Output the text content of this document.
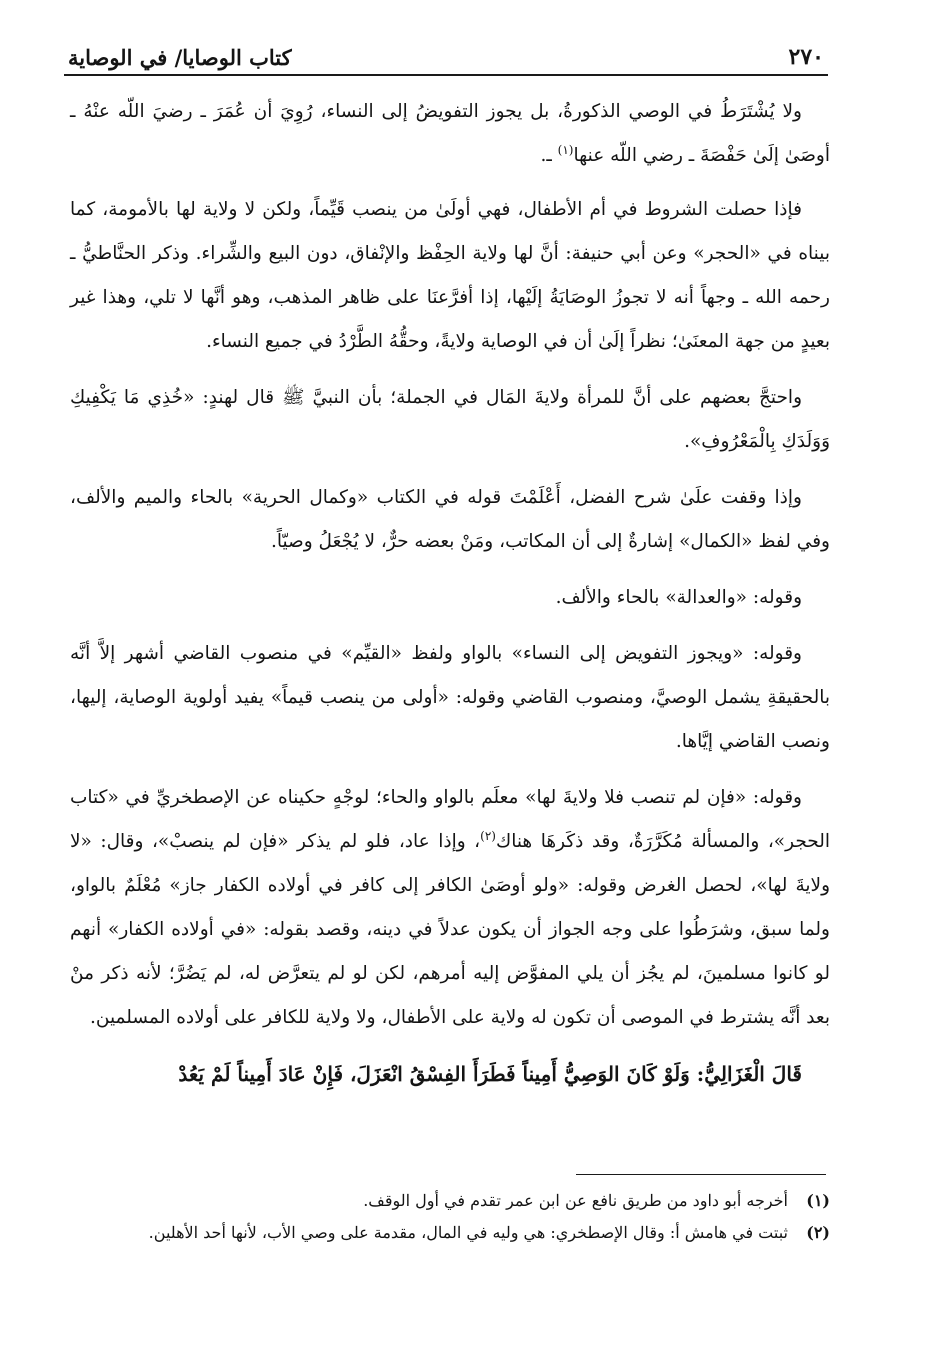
٢٧٠
كتاب الوصايا/ في الوصاية

ولا يُشْتَرَطُ في الوصي الذكورةُ، بل يجوز التفويضُ إلى النساء، رُوِيَ أن عُمَرَ ـ رضيَ اللّه عنْهُ ـ أوصَىٰ إلَىٰ حَفْصَةَ ـ رضي اللّه عنها$^{(١)}$ ـ.

فإذا حصلت الشروط في أم الأطفال، فهي أولَىٰ من ينصب قَيِّماً، ولكن لا ولاية لها بالأمومة، كما بيناه في «الحجر» وعن أبي حنيفة: أنَّ لها ولاية الحِفْظ والإنْفاق، دون البيع والشِّراء. وذكر الحنَّاطيُّ ـ رحمه الله ـ وجهاً أنه لا تجوزُ الوصَايَةُ إلَيْها، إذا أفرَّعنَا على ظاهر المذهب، وهو أنَّها لا تلي، وهذا غير بعيدٍ من جهة المعنَىٰ؛ نظراً إلَىٰ أن في الوصاية ولايةً، وحقُّهُ الطَّرْدُ في جميع النساء.

واحتجَّ بعضهم على أنَّ للمرأة ولايةَ المَال في الجملة؛ بأن النبيَّ ﷺ قال لهندٍ: «خُذِي مَا يَكْفِيكِ وَوَلَدَكِ بِالْمَعْرُوفِ».

وإذا وقفت علَىٰ شرح الفضل، أَعْلَمْتَ قوله في الكتاب «وكمال الحرية» بالحاء والميم والألف، وفي لفظ «الكمال» إشارةٌ إلى أن المكاتب، ومَنْ بعضه حرٌّ، لا يُجْعَلُ وصيّاً.

وقوله: «والعدالة» بالحاء والألف.

وقوله: «ويجوز التفويض إلى النساء» بالواو ولفظ «القيِّم» في منصوب القاضي أشهر إلاَّ أنَّه بالحقيقةِ يشمل الوصيَّ، ومنصوب القاضي وقوله: «أولى من ينصب قيماً» يفيد أولوية الوصاية، إليها، ونصب القاضي إيَّاها.

وقوله: «فإن لم تنصب فلا ولايةَ لها» معلَم بالواو والحاء؛ لوجْهٍ حكيناه عن الإصطخريِّ في «كتاب الحجر»، والمسألة مُكَرَّرَةٌ، وقد ذكَرهَا هناك$^{(٢)}$، وإذا عاد، فلو لم يذكر «فإن لم ينصبْ»، وقال: «لا ولايةَ لها»، لحصل الغرض وقوله: «ولو أوصَىٰ الكافر إلى كافر في أولاده الكفار جاز» مُعْلَمٌ بالواو، ولما سبق، وشرَطُوا على وجه الجواز أن يكون عدلاً في دينه، وقصد بقوله: «في أولاده الكفار» أنهم لو كانوا مسلمينَ، لم يجُز أن يلي المفوَّض إليه أمرهم، لكن لو لم يتعرَّض له، لم يَضُرَّ؛ لأنه ذكر منْ بعد أنَّه يشترط في الموصى أن تكون له ولاية على الأطفال، ولا ولاية للكافر على أولاده المسلمين.

قَالَ الْغَزَالِيُّ: وَلَوْ كَانَ الوَصِيُّ أَمِيناً فَطَرَأَ الفِسْقُ انْعَزَلَ، فَإِنْ عَادَ أَمِيناً لَمْ يَعُدْ

(١)
أخرجه أبو داود من طريق نافع عن ابن عمر تقدم في أول الوقف.
(٢)
ثبتت في هامش أ: وقال الإصطخري: هي وليه في المال، مقدمة على وصي الأب، لأنها أحد الأهلين.
